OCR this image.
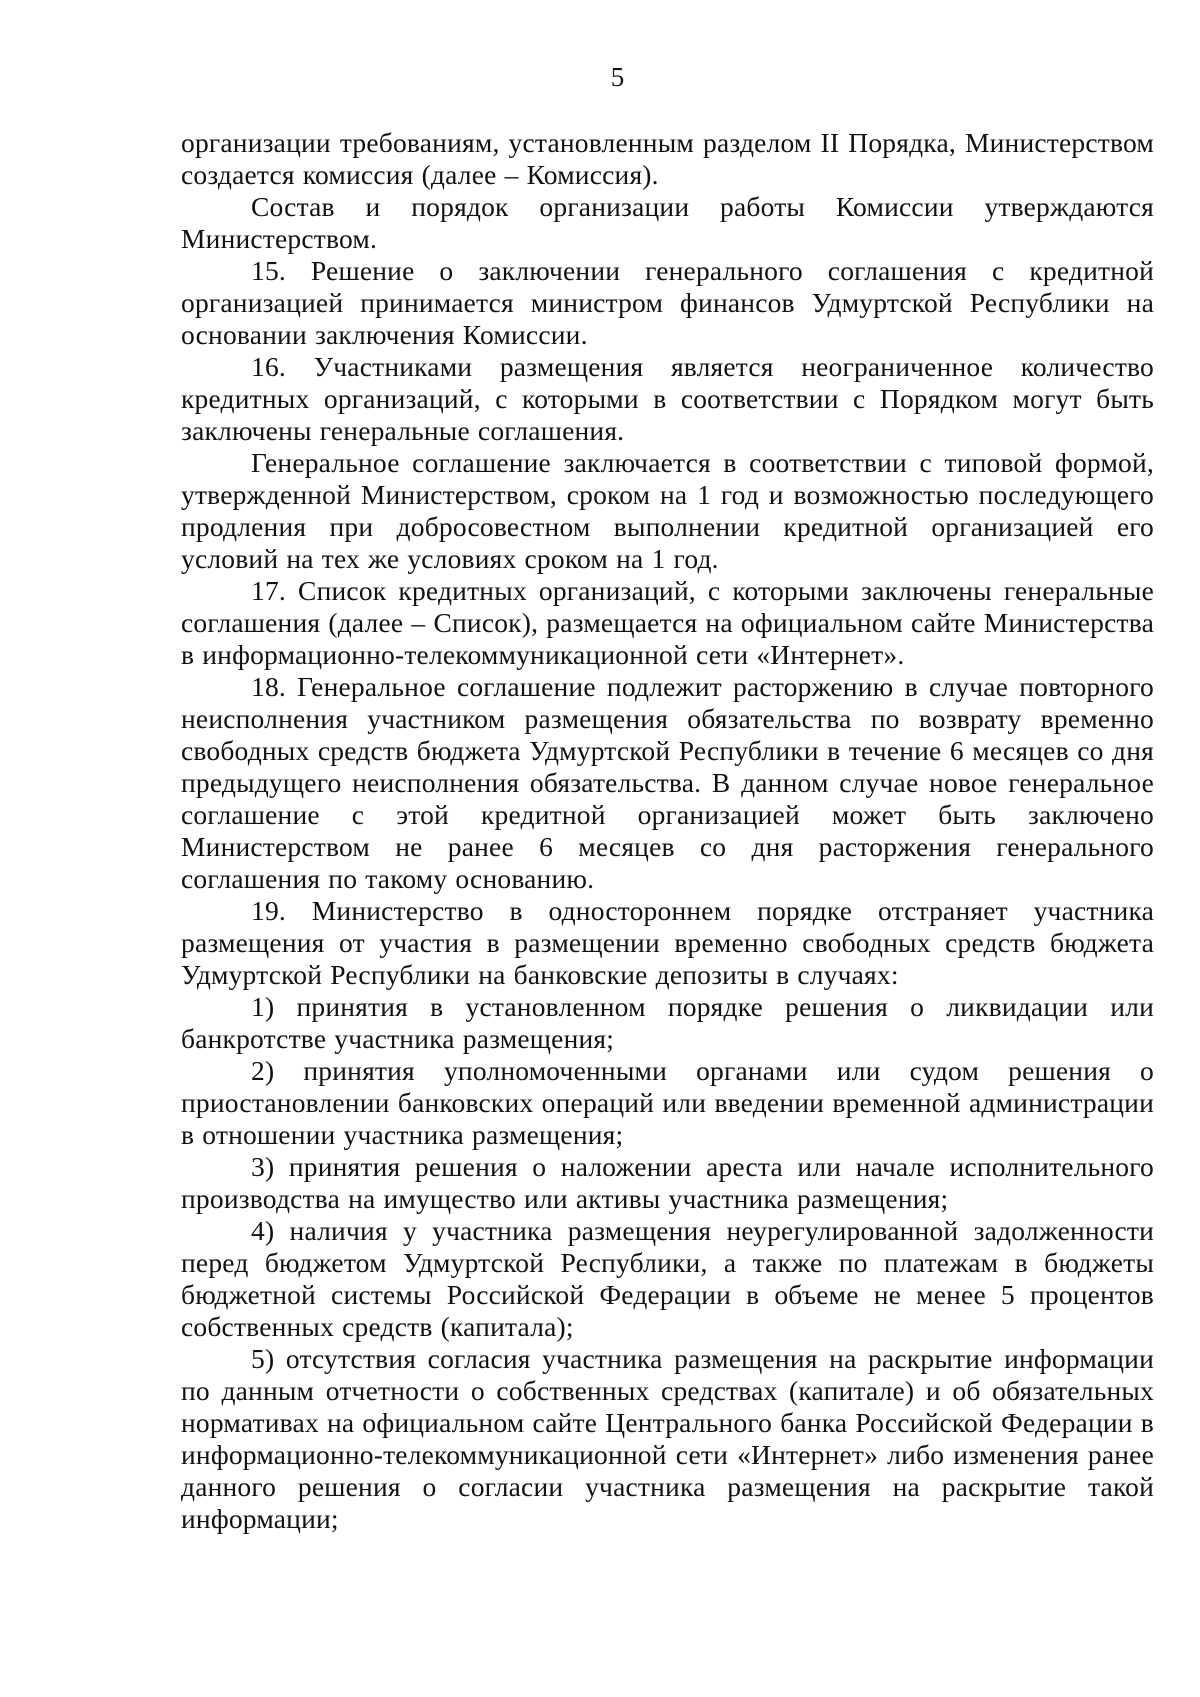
5

организации требованиям, установленным разделом II Порядка, Министерством создается комиссия (далее – Комиссия).

Состав и порядок организации работы Комиссии утверждаются Министерством.

15. Решение о заключении генерального соглашения с кредитной организацией принимается министром финансов Удмуртской Республики на основании заключения Комиссии.

16. Участниками размещения является неограниченное количество кредитных организаций, с которыми в соответствии с Порядком могут быть заключены генеральные соглашения.

Генеральное соглашение заключается в соответствии с типовой формой, утвержденной Министерством, сроком на 1 год и возможностью последующего продления при добросовестном выполнении кредитной организацией его условий на тех же условиях сроком на 1 год.

17. Список кредитных организаций, с которыми заключены генеральные соглашения (далее – Список), размещается на официальном сайте Министерства в информационно-телекоммуникационной сети «Интернет».

18. Генеральное соглашение подлежит расторжению в случае повторного неисполнения участником размещения обязательства по возврату временно свободных средств бюджета Удмуртской Республики в течение 6 месяцев со дня предыдущего неисполнения обязательства. В данном случае новое генеральное соглашение с этой кредитной организацией может быть заключено Министерством не ранее 6 месяцев со дня расторжения генерального соглашения по такому основанию.

19. Министерство в одностороннем порядке отстраняет участника размещения от участия в размещении временно свободных средств бюджета Удмуртской Республики на банковские депозиты в случаях:

1) принятия в установленном порядке решения о ликвидации или банкротстве участника размещения;

2) принятия уполномоченными органами или судом решения о приостановлении банковских операций или введении временной администрации в отношении участника размещения;

3) принятия решения о наложении ареста или начале исполнительного производства на имущество или активы участника размещения;

4) наличия у участника размещения неурегулированной задолженности перед бюджетом Удмуртской Республики, а также по платежам в бюджеты бюджетной системы Российской Федерации в объеме не менее 5 процентов собственных средств (капитала);

5) отсутствия согласия участника размещения на раскрытие информации по данным отчетности о собственных средствах (капитале) и об обязательных нормативах на официальном сайте Центрального банка Российской Федерации в информационно-телекоммуникационной сети «Интернет» либо изменения ранее данного решения о согласии участника размещения на раскрытие такой информации;
